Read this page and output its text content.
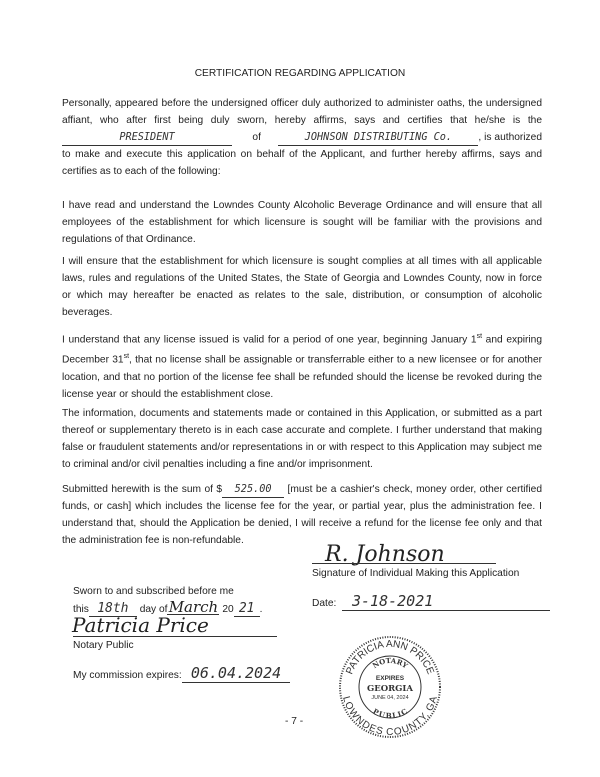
CERTIFICATION REGARDING APPLICATION
Personally, appeared before the undersigned officer duly authorized to administer oaths, the undersigned affiant, who after first being duly sworn, hereby affirms, says and certifies that he/she is the PRESIDENT	of	JOHNSON DISTRIBUTING Co.	, is authorized to make and execute this application on behalf of the Applicant, and further hereby affirms, says and certifies as to each of the following:
I have read and understand the Lowndes County Alcoholic Beverage Ordinance and will ensure that all employees of the establishment for which licensure is sought will be familiar with the provisions and regulations of that Ordinance.
I will ensure that the establishment for which licensure is sought complies at all times with all applicable laws, rules and regulations of the United States, the State of Georgia and Lowndes County, now in force or which may hereafter be enacted as relates to the sale, distribution, or consumption of alcoholic beverages.
I understand that any license issued is valid for a period of one year, beginning January 1st and expiring December 31st, that no license shall be assignable or transferrable either to a new licensee or for another location, and that no portion of the license fee shall be refunded should the license be revoked during the license year or should the establishment close.
The information, documents and statements made or contained in this Application, or submitted as a part thereof or supplementary thereto is in each case accurate and complete. I further understand that making false or fraudulent statements and/or representations in or with respect to this Application may subject me to criminal and/or civil penalties including a fine and/or imprisonment.
Submitted herewith is the sum of $ 525.00 [must be a cashier's check, money order, other certified funds, or cash] which includes the license fee for the year, or partial year, plus the administration fee. I understand that, should the Application be denied, I will receive a refund for the license fee only and that the administration fee is non-refundable.
R. Johnson
Signature of Individual Making this Application
Date:	3-18-2021
Sworn to and subscribed before me
this 18th day ofMarch 20 21 .
Patricia Price
Notary Public
My commission expires: 06.04.2024	PATRICIA ANN PRICE
LOWNDES COUNTY, GA
NOTARY
PUBLIC
EXPIRES
GEORGIA
JUNE 04, 2024
- 7 -
